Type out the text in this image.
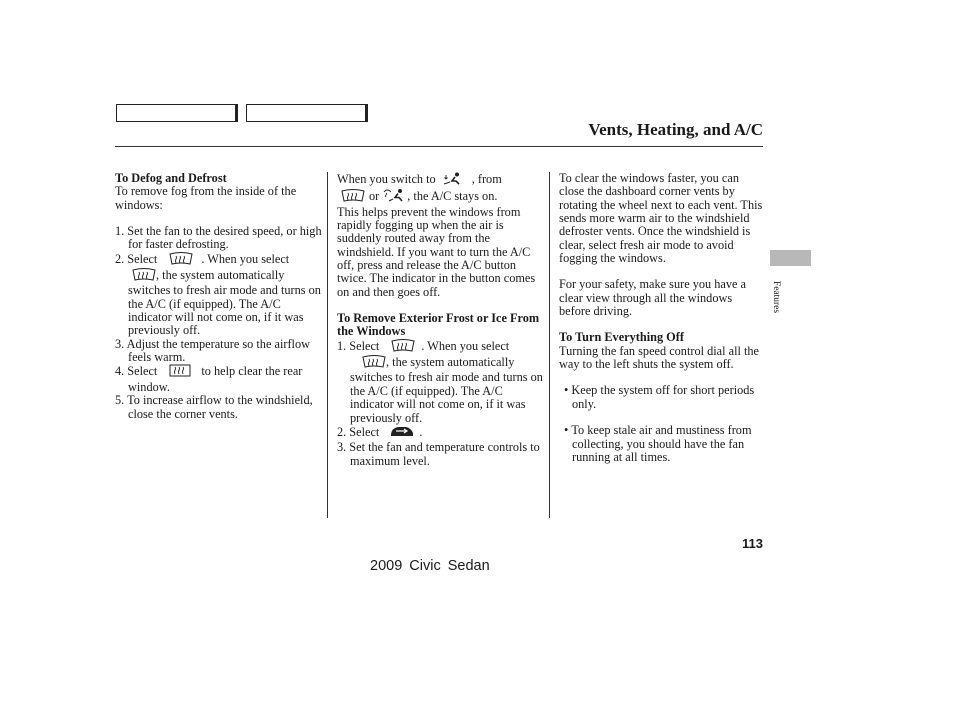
Vents, Heating, and A/C

To Defog and Defrost

To remove fog from the inside of the windows:

1. Set the fan to the desired speed, or high for faster defrosting.

2. Select	. When you select
, the system automatically switches to fresh air mode and turns on the A/C (if equipped). The A/C indicator will not come on, if it was previously off.

3. Adjust the temperature so the airflow feels warm.

4. Select	to help clear the rear window.

5. To increase airflow to the windshield, close the corner vents.

When you switch to	, from
or , the A/C stays on.
This helps prevent the windows from rapidly fogging up when the air is suddenly routed away from the windshield. If you want to turn the A/C off, press and release the A/C button twice. The indicator in the button comes on and then goes off.

To Remove Exterior Frost or Ice From the Windows

1. Select	. When you select
, the system automatically switches to fresh air mode and turns on the A/C (if equipped). The A/C indicator will not come on, if it was previously off.

2. Select	.

3. Set the fan and temperature controls to maximum level.

To clear the windows faster, you can close the dashboard corner vents by rotating the wheel next to each vent. This sends more warm air to the windshield defroster vents. Once the windshield is clear, select fresh air mode to avoid fogging the windows.

For your safety, make sure you have a clear view through all the windows before driving.

To Turn Everything Off

Turning the fan speed control dial all the way to the left shuts the system off.

• Keep the system off for short periods only.

• To keep stale air and mustiness from collecting, you should have the fan running at all times.

Features
113
2009 Civic Sedan
